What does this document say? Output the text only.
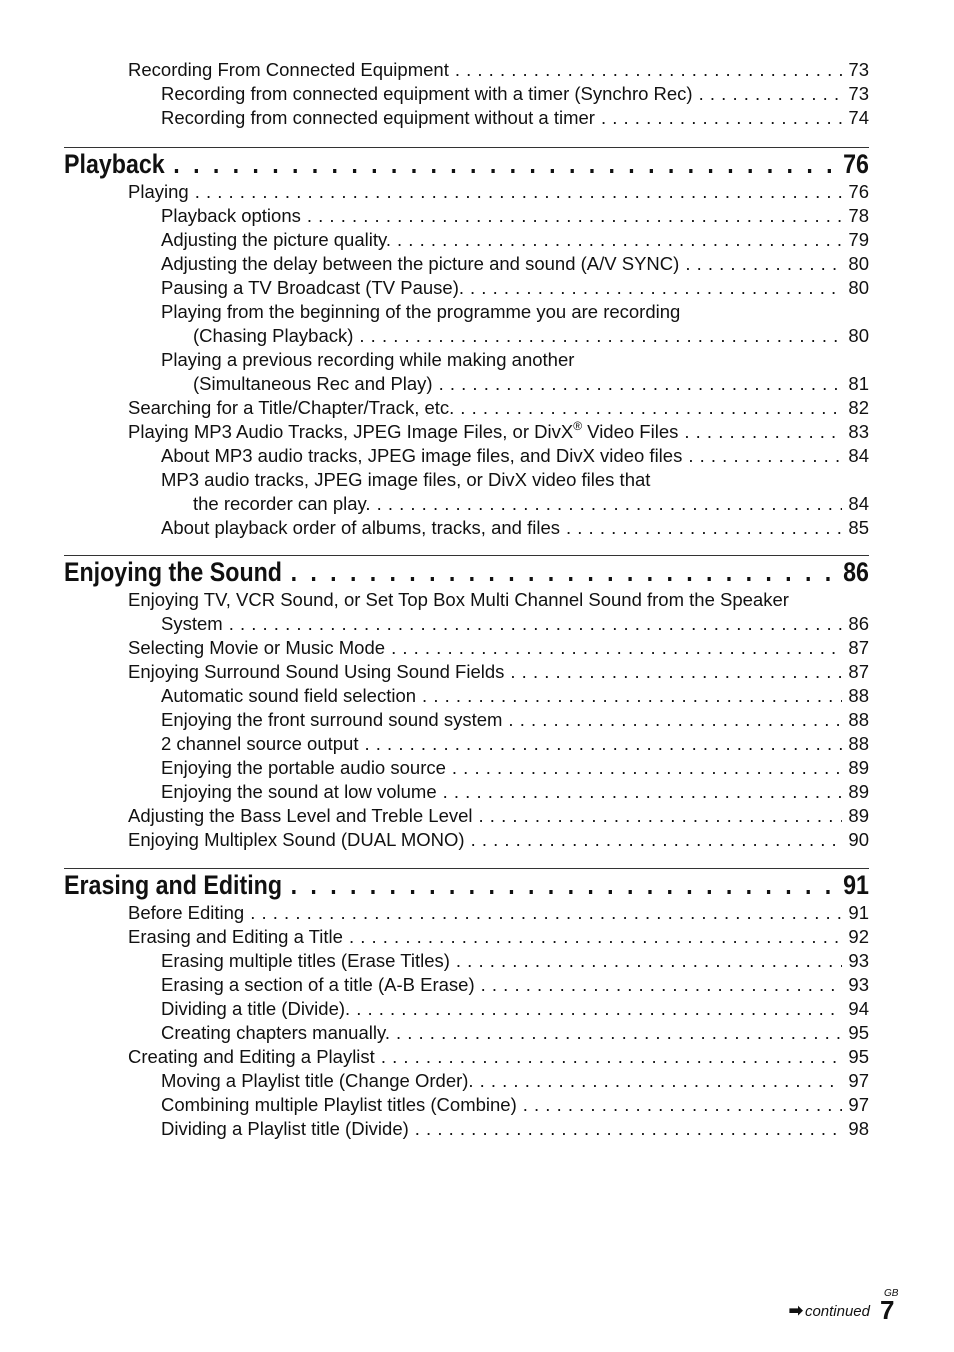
Recording From Connected Equipment . . .	73
Recording from connected equipment with a timer (Synchro Rec) . . .	73
Recording from connected equipment without a timer . . .	74
Playback . . .	76
Playing . . .	76
Playback options . . .	78
Adjusting the picture quality. . . .	79
Adjusting the delay between the picture and sound (A/V SYNC) . . .	80
Pausing a TV Broadcast (TV Pause). . . .	80
Playing from the beginning of the programme you are recording
(Chasing Playback) . . .	80
Playing a previous recording while making another
(Simultaneous Rec and Play) . . .	81
Searching for a Title/Chapter/Track, etc. . . .	82
Playing MP3 Audio Tracks, JPEG Image Files, or DivX® Video Files . . .	83
About MP3 audio tracks, JPEG image files, and DivX video files . . .	84
MP3 audio tracks, JPEG image files, or DivX video files that
the recorder can play. . . .	84
About playback order of albums, tracks, and files . . .	85
Enjoying the Sound . . .	86
Enjoying TV, VCR Sound, or Set Top Box Multi Channel Sound from the Speaker
System . . .	86
Selecting Movie or Music Mode . . .	87
Enjoying Surround Sound Using Sound Fields . . .	87
Automatic sound field selection . . .	88
Enjoying the front surround sound system . . .	88
2 channel source output . . .	88
Enjoying the portable audio source . . .	89
Enjoying the sound at low volume . . .	89
Adjusting the Bass Level and Treble Level . . .	89
Enjoying Multiplex Sound (DUAL MONO) . . .	90
Erasing and Editing . . .	91
Before Editing . . .	91
Erasing and Editing a Title . . .	92
Erasing multiple titles (Erase Titles) . . .	93
Erasing a section of a title (A-B Erase) . . .	93
Dividing a title (Divide). . . .	94
Creating chapters manually. . . .	95
Creating and Editing a Playlist . . .	95
Moving a Playlist title (Change Order). . . .	97
Combining multiple Playlist titles (Combine) . . .	97
Dividing a Playlist title (Divide) . . .	98
➡ continued
GB
7
